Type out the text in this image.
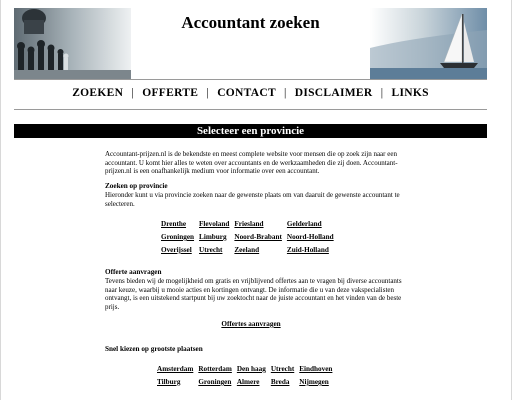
Accountant zoeken
ZOEKEN | OFFERTE | CONTACT | DISCLAIMER | LINKS
Selecteer een provincie

Accountant-prijzen.nl is de bekendste en meest complete website voor mensen die op zoek zijn naar een accountant. U komt hier alles te weten over accountants en de werkzaamheden die zij doen. Accountant-prijzen.nl is een onafhankelijk medium voor informatie over een accountant.

Zoeken op provincie

Hieronder kunt u via provincie zoeken naar de gewenste plaats om van daaruit de gewenste accountant te selecteren.

Drenthe	Flevoland	Friesland	Gelderland
Groningen	Limburg	Noord-Brabant	Noord-Holland
Overijssel	Utrecht	Zeeland	Zuid-Holland
Offerte aanvragen

Tevens bieden wij de mogelijkheid om gratis en vrijblijvend offertes aan te vragen bij diverse accountants naar keuze, waarbij u mooie acties en kortingen ontvangt. De informatie die u van deze vakspecialisten ontvangt, is een uitstekend startpunt bij uw zoektocht naar de juiste accountant en het vinden van de beste prijs.

Offertes aanvragen
Snel kiezen op grootste plaatsen
Amsterdam	Rotterdam	Den haag	Utrecht	Eindhoven
Tilburg	Groningen	Almere	Breda	Nijmegen
